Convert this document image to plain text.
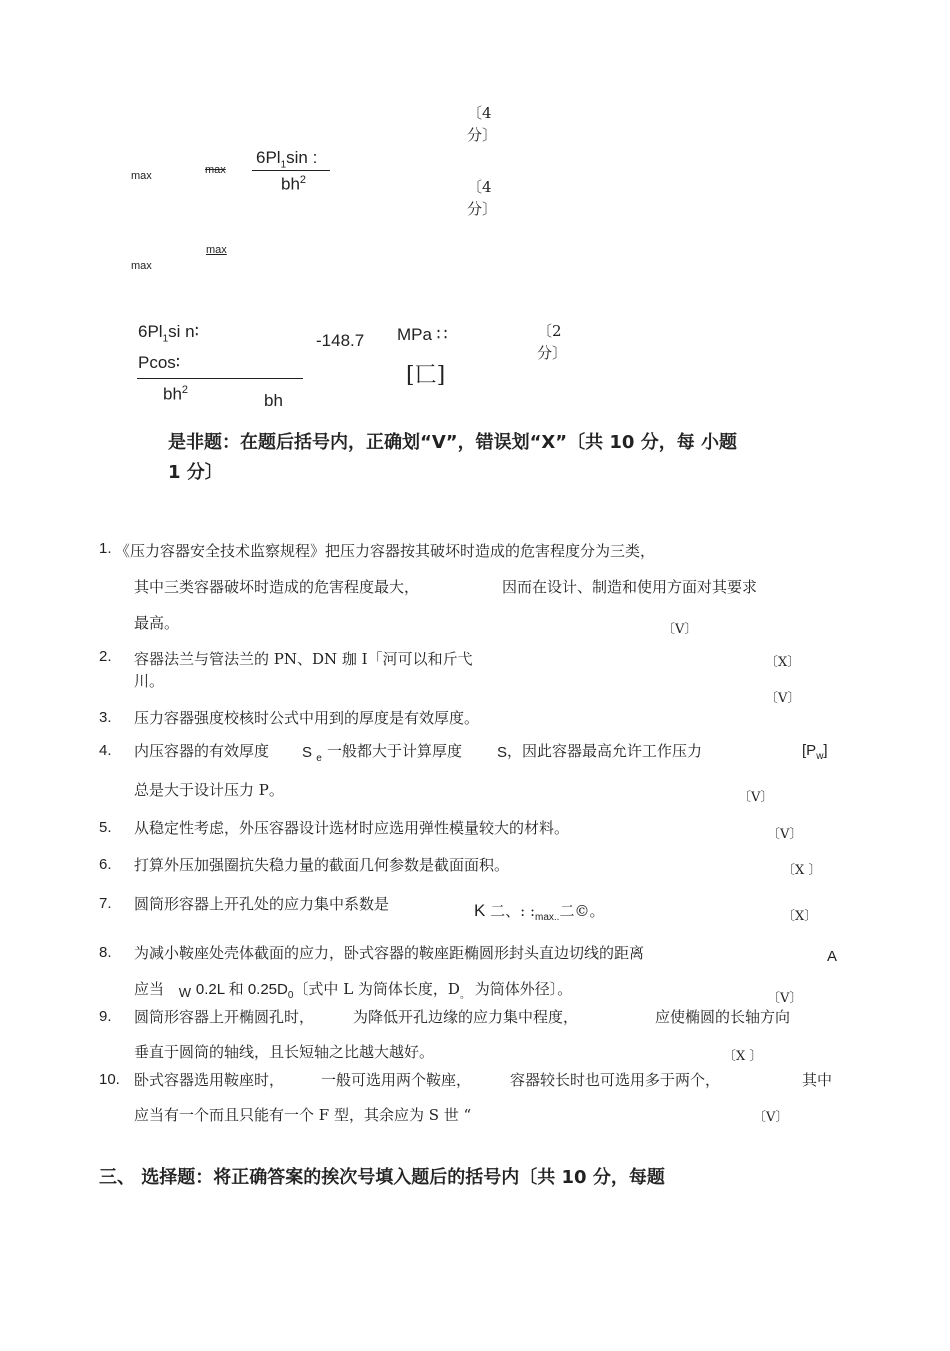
〔4
分〕
〔4
分〕
max	max
$6Pl_1\sin$ :
$bh^2$
max
max
$6Pl_1si$ n∶
Pcos∶
$bh^2$
bh
-148.7 MPa ∷
[匸]
〔2
分〕
是非题：在题后括号内，正确划“V”，错误划“X”〔共 10 分，每 小题
1 分〕
1. 《压力容器安全技术监察规程》把压力容器按其破坏时造成的危害程度分为三类，
其中三类容器破坏时造成的危害程度最大，	因而在设计、制造和使用方面对其要求
最高。	〔V〕
2. 容器法兰与管法兰的 PN、DN 珈 I「河可以和斤弋
川。
〔X〕
〔V〕
3. 压力容器强度校核时公式中用到的厚度是有效厚度。
4. 内压容器的有效厚度 S $_e$ 一般都大于计算厚度 S ，因此容器最高允许工作压力	$[P_w]$
总是大于设计压力 P。	〔V〕
5. 从稳定性考虑，外压容器设计选材时应选用弹性模量较大的材料。	〔V〕
6. 打算外压加强圈抗失稳力量的截面几何参数是截面面积。	〔X 〕
7. 圆筒形容器上开孔处的应力集中系数是	K 二、: $:_{max..}$二©。	〔X〕
8. 为减小鞍座处壳体截面的应力，卧式容器的鞍座距椭圆形封头直边切线的距离	A
应当 W 0.2L 和 $0.25D_0$〔式中 L 为筒体长度，$D_。$ 为筒体外径〕。
〔V〕
9. 圆筒形容器上开椭圆孔时，	为降低开孔边缘的应力集中程度，	应使椭圆的长轴方向
垂直于圆筒的轴线，且长短轴之比越大越好。	〔X 〕
10. 卧式容器选用鞍座时， 一般可选用两个鞍座，	容器较长时也可选用多于两个，	其中
应当有一个而且只能有一个 F 型，其余应为 S 世 “	〔V〕
三、 选择题：将正确答案的挨次号填入题后的括号内〔共 10 分，每题
